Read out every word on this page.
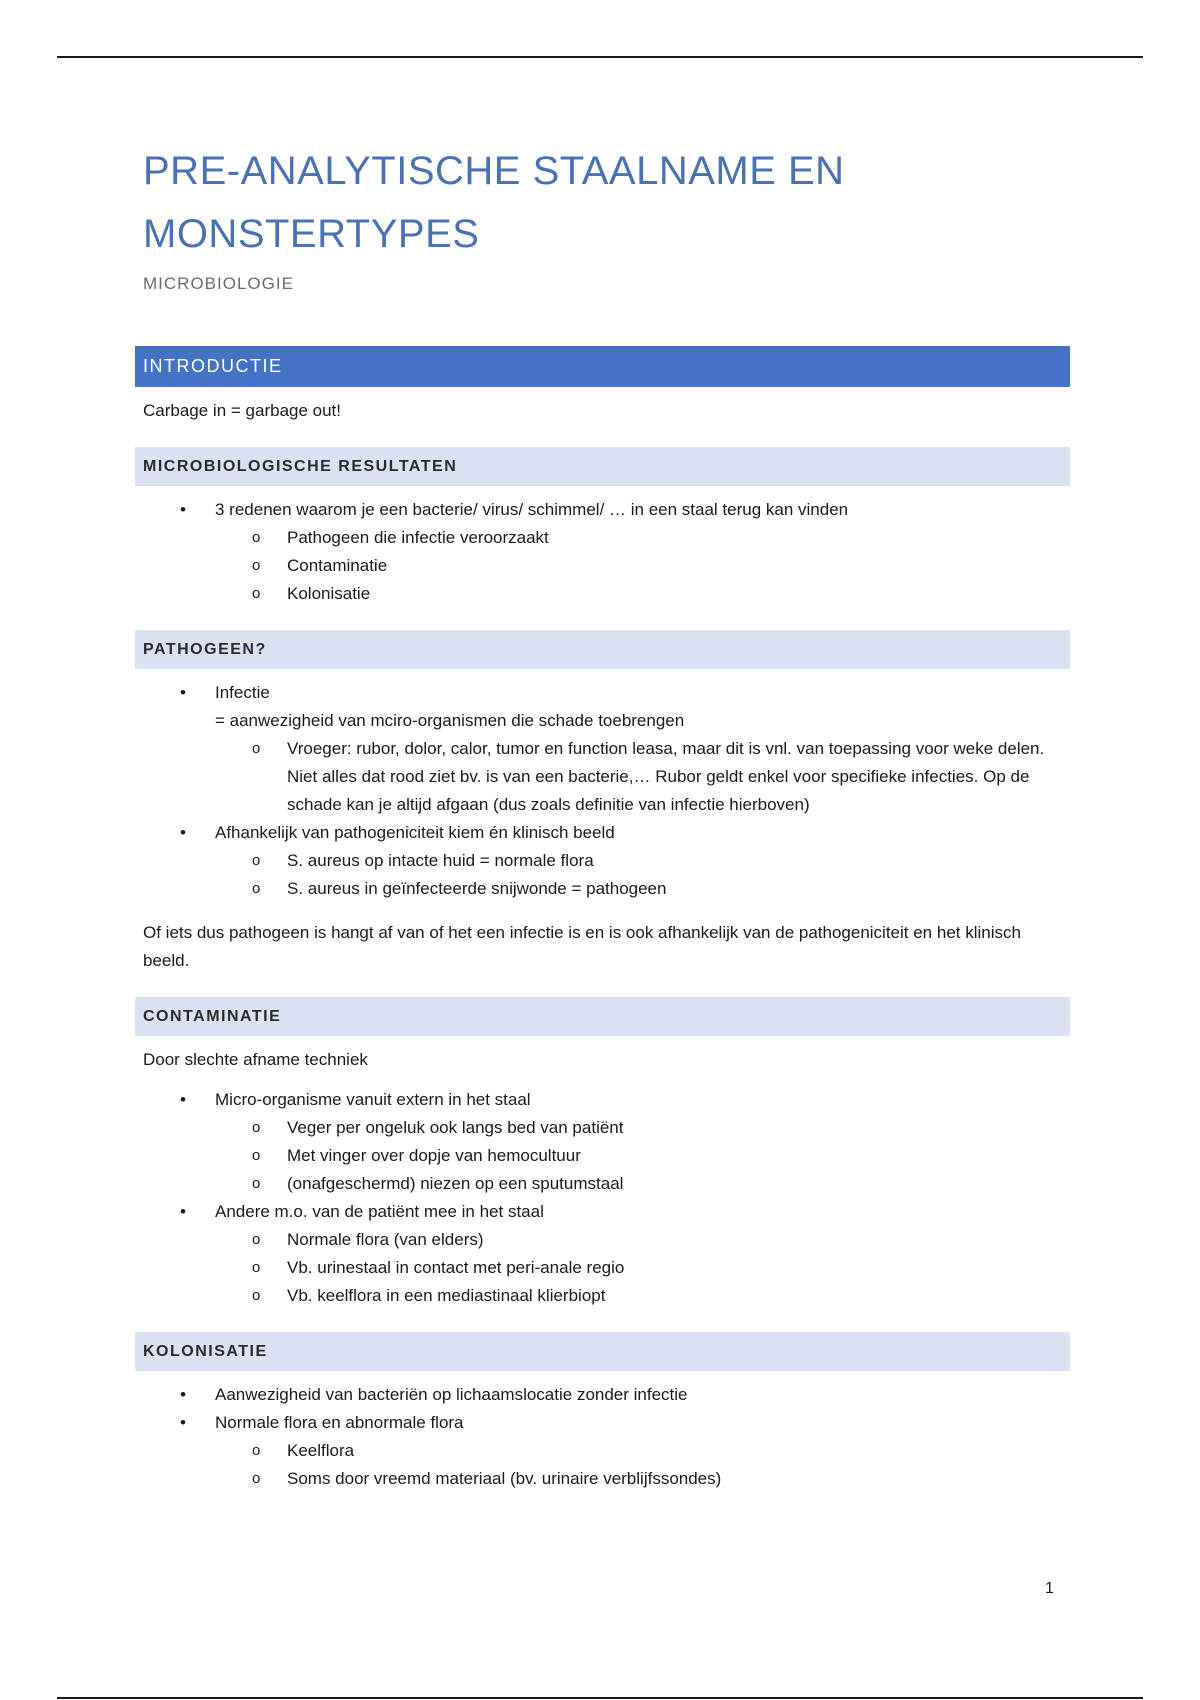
PRE-ANALYTISCHE STAALNAME EN
MONSTERTYPES
MICROBIOLOGIE
INTRODUCTIE
Carbage in = garbage out!
MICROBIOLOGISCHE RESULTATEN
• 3 redenen waarom je een bacterie/ virus/ schimmel/ … in een staal terug kan vinden
o Pathogeen die infectie veroorzaakt
o Contaminatie
o Kolonisatie
PATHOGEEN?
• Infectie
= aanwezigheid van mciro-organismen die schade toebrengen
o Vroeger: rubor, dolor, calor, tumor en function leasa, maar dit is vnl. van toepassing voor weke delen. Niet alles dat rood ziet bv. is van een bacterie,… Rubor geldt enkel voor specifieke infecties. Op de schade kan je altijd afgaan (dus zoals definitie van infectie hierboven)
• Afhankelijk van pathogeniciteit kiem én klinisch beeld
o S. aureus op intacte huid = normale flora
o S. aureus in geïnfecteerde snijwonde = pathogeen
Of iets dus pathogeen is hangt af van of het een infectie is en is ook afhankelijk van de pathogeniciteit en het klinisch beeld.
CONTAMINATIE
Door slechte afname techniek
• Micro-organisme vanuit extern in het staal
o Veger per ongeluk ook langs bed van patiënt
o Met vinger over dopje van hemocultuur
o (onafgeschermd) niezen op een sputumstaal
• Andere m.o. van de patiënt mee in het staal
o Normale flora (van elders)
o Vb. urinestaal in contact met peri-anale regio
o Vb. keelflora in een mediastinaal klierbiopt
KOLONISATIE
• Aanwezigheid van bacteriën op lichaamslocatie zonder infectie
• Normale flora en abnormale flora
o Keelflora
o Soms door vreemd materiaal (bv. urinaire verblijfssondes)
1
